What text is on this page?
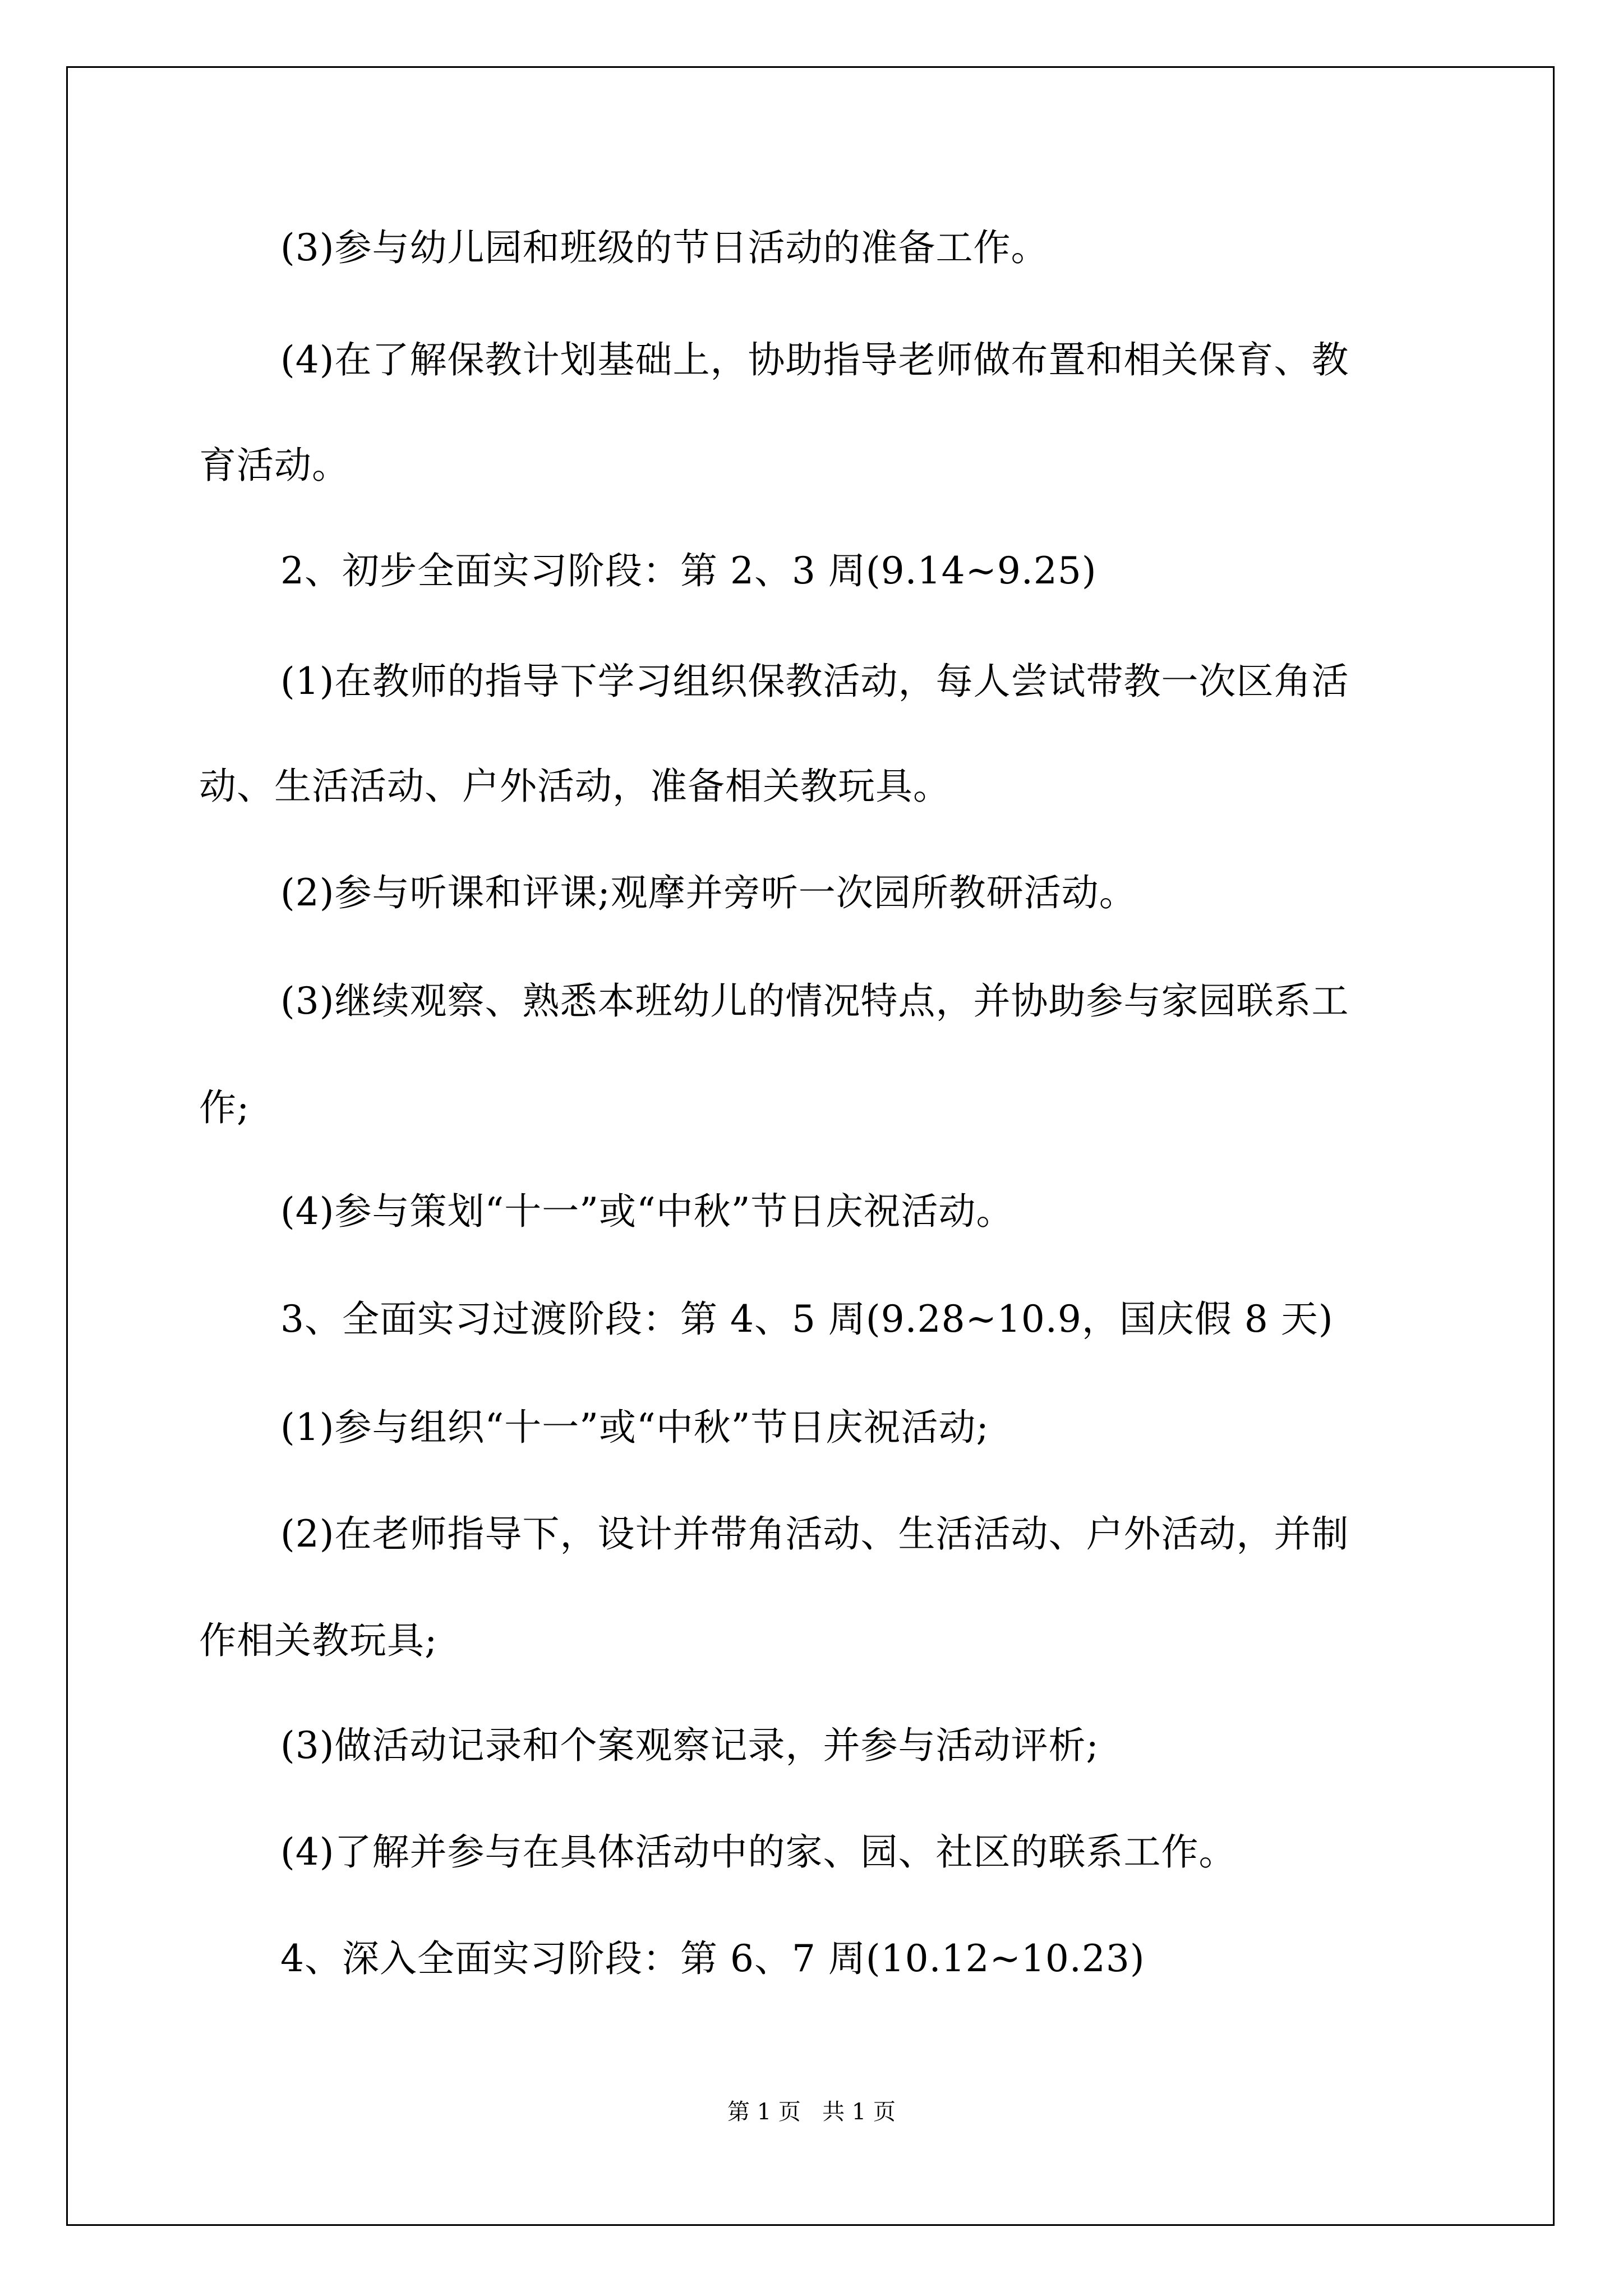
(3)参与幼儿园和班级的节日活动的准备工作。
(4)在了解保教计划基础上，协助指导老师做布置和相关保育、教
育活动。
2、初步全面实习阶段：第 2、3 周(9.14~9.25)
(1)在教师的指导下学习组织保教活动，每人尝试带教一次区角活
动、生活活动、户外活动，准备相关教玩具。
(2)参与听课和评课;观摩并旁听一次园所教研活动。
(3)继续观察、熟悉本班幼儿的情况特点，并协助参与家园联系工
作;
(4)参与策划“十一”或“中秋”节日庆祝活动。
3、全面实习过渡阶段：第 4、5 周(9.28~10.9，国庆假 8 天)
(1)参与组织“十一”或“中秋”节日庆祝活动;
(2)在老师指导下，设计并带角活动、生活活动、户外活动，并制
作相关教玩具;
(3)做活动记录和个案观察记录，并参与活动评析;
(4)了解并参与在具体活动中的家、园、社区的联系工作。
4、深入全面实习阶段：第 6、7 周(10.12~10.23)
第 1 页   共 1 页
